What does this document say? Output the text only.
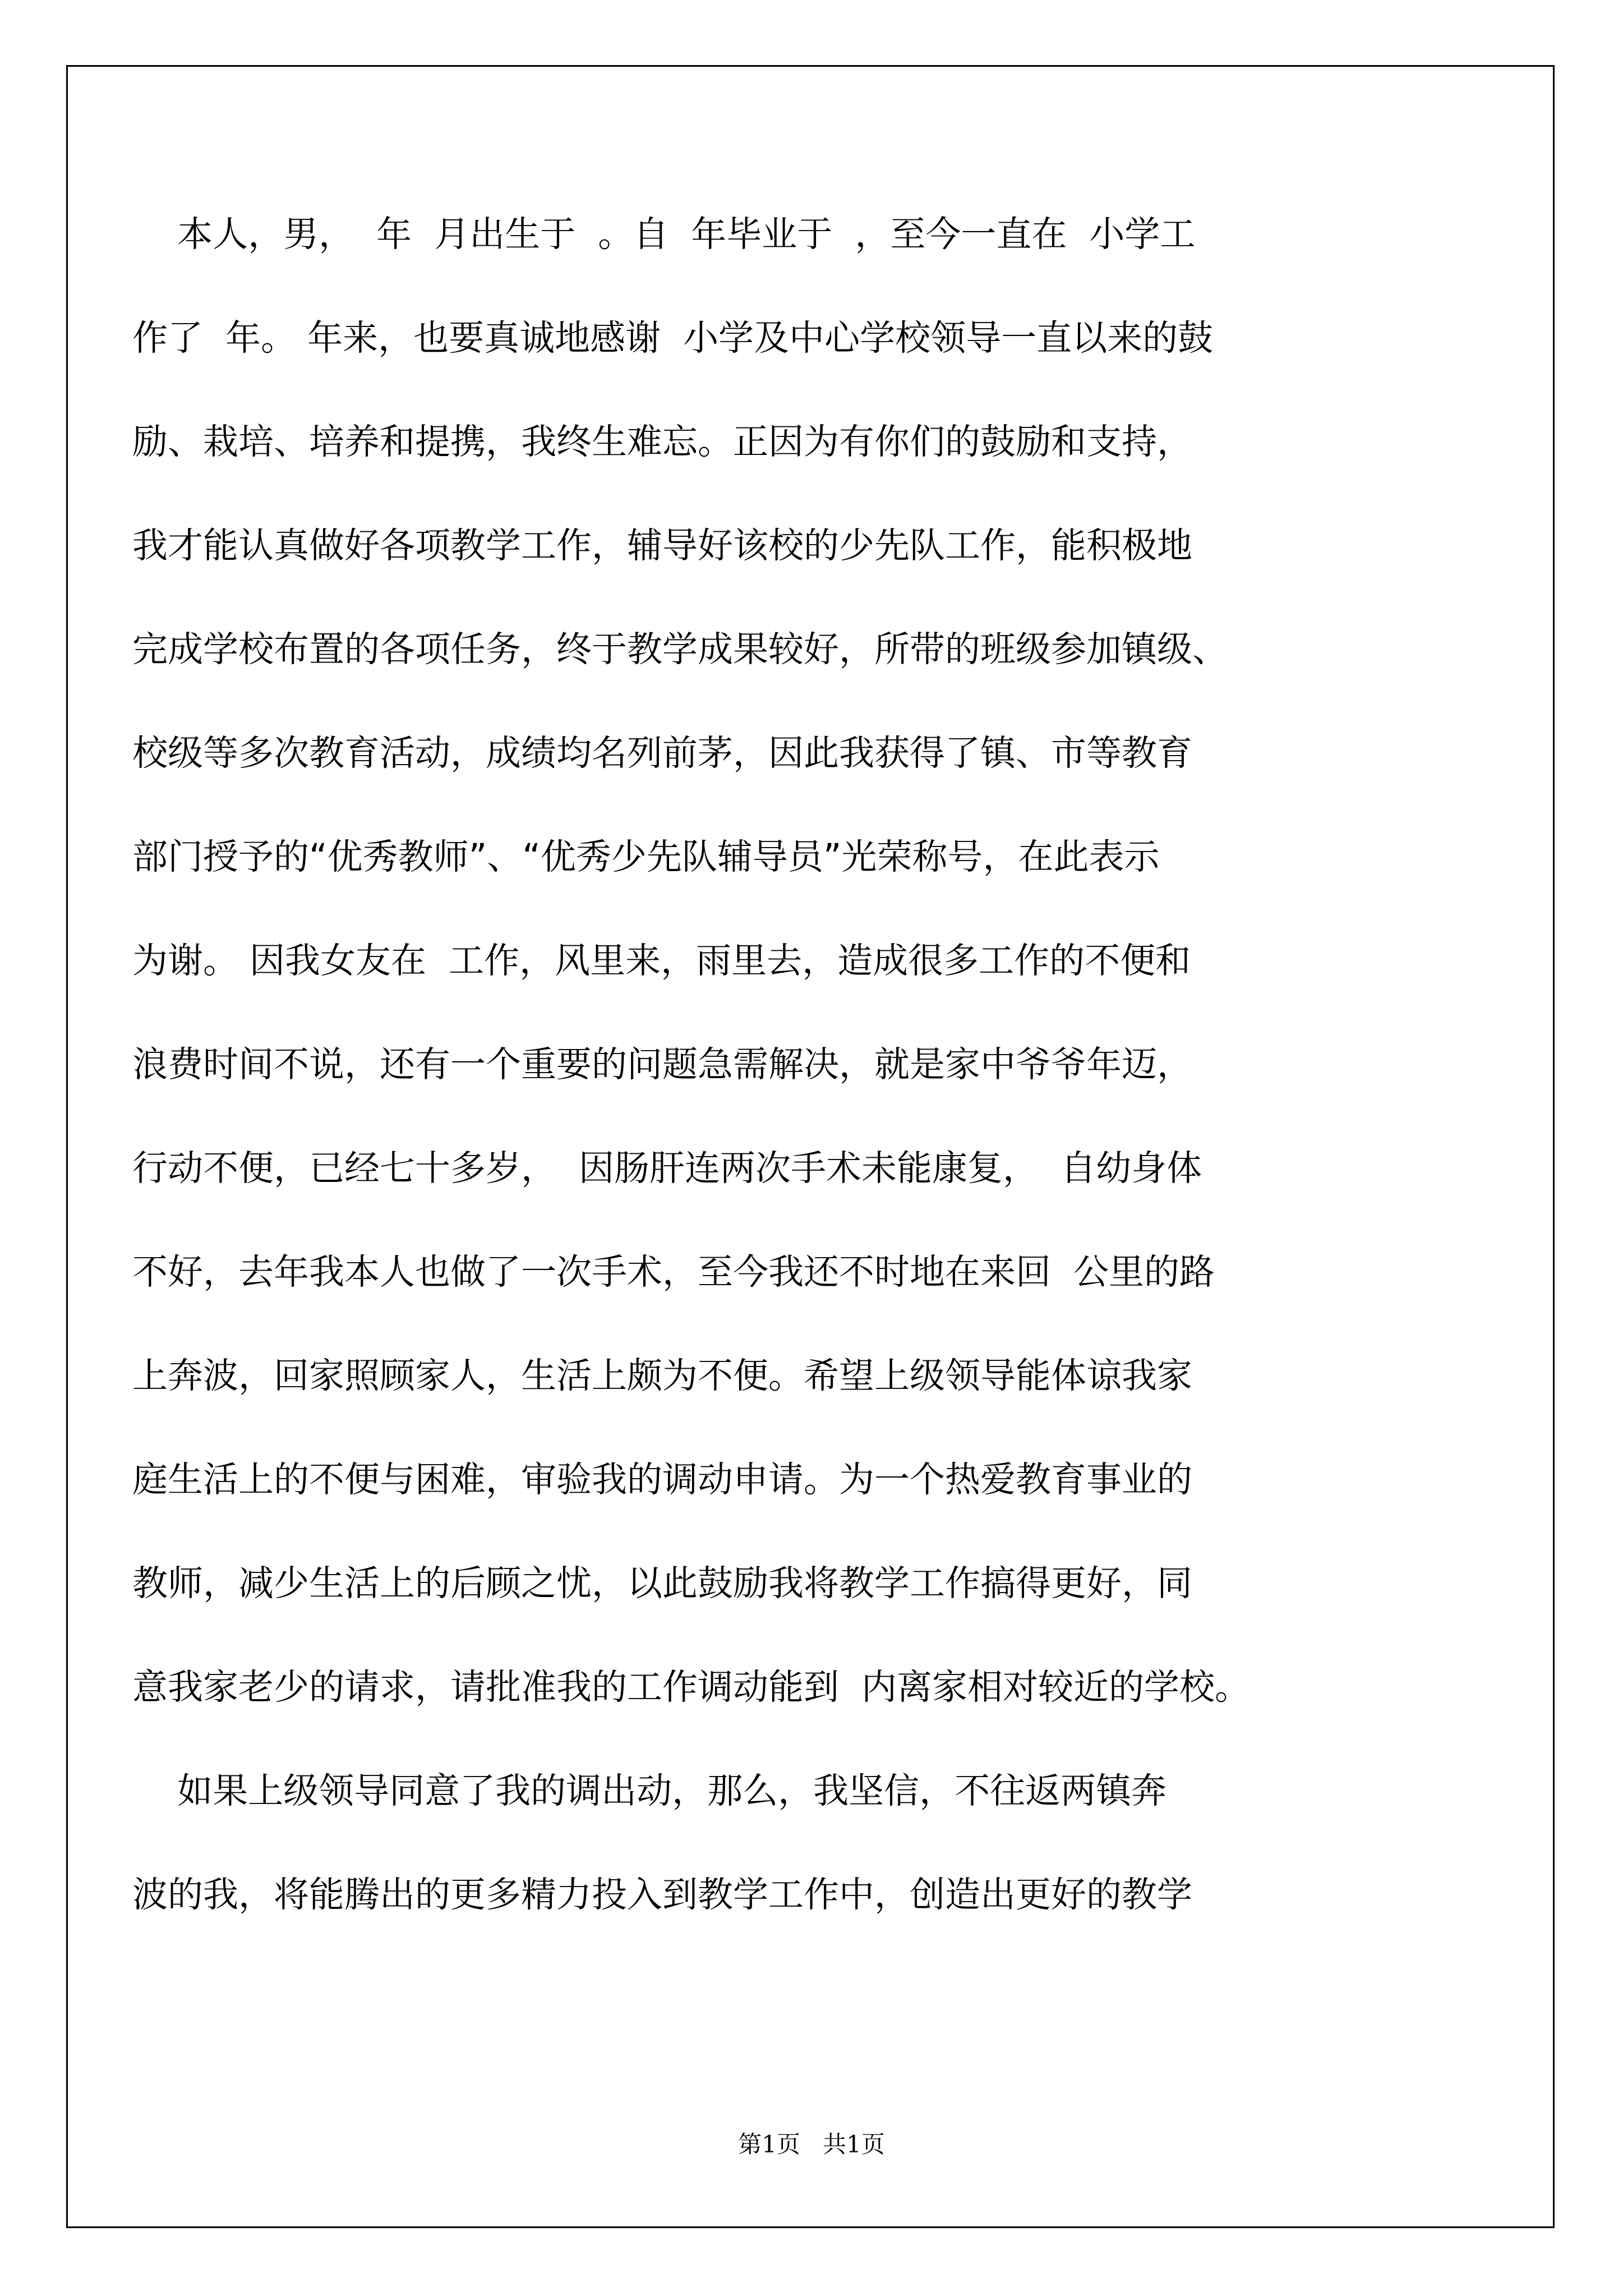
本人，男，  年  月出生于  。自  年毕业于  ，至今一直在  小学工
作了  年。 年来，也要真诚地感谢  小学及中心学校领导一直以来的鼓
励、栽培、培养和提携，我终生难忘。正因为有你们的鼓励和支持，
我才能认真做好各项教学工作，辅导好该校的少先队工作，能积极地
完成学校布置的各项任务，终于教学成果较好，所带的班级参加镇级、
校级等多次教育活动，成绩均名列前茅，因此我获得了镇、市等教育
部门授予的“优秀教师”、“优秀少先队辅导员”光荣称号，在此表示
为谢。 因我女友在  工作，风里来，雨里去，造成很多工作的不便和
浪费时间不说，还有一个重要的问题急需解决，就是家中爷爷年迈，
行动不便，已经七十多岁，  因肠肝连两次手术未能康复，  自幼身体
不好，去年我本人也做了一次手术，至今我还不时地在来回  公里的路
上奔波，回家照顾家人，生活上颇为不便。希望上级领导能体谅我家
庭生活上的不便与困难，审验我的调动申请。为一个热爱教育事业的
教师，减少生活上的后顾之忧，以此鼓励我将教学工作搞得更好，同
意我家老少的请求，请批准我的工作调动能到  内离家相对较近的学校。
如果上级领导同意了我的调出动，那么，我坚信，不往返两镇奔
波的我，将能腾出的更多精力投入到教学工作中，创造出更好的教学
第1页   共1页
